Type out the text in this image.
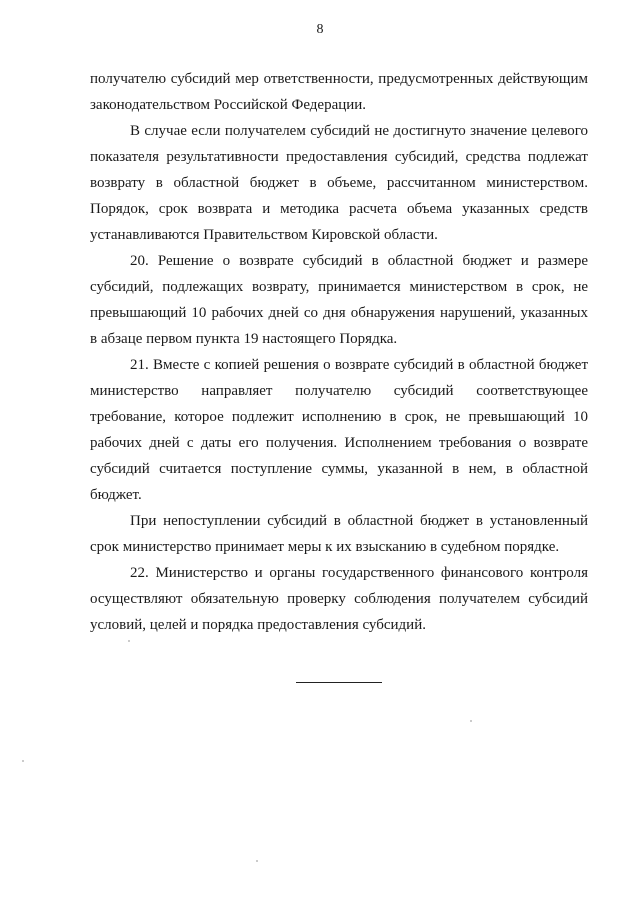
8

получателю субсидий мер ответственности, предусмотренных действующим законодательством Российской Федерации.

В случае если получателем субсидий не достигнуто значение целевого показателя результативности предоставления субсидий, средства подлежат возврату в областной бюджет в объеме, рассчитанном министерством. Порядок, срок возврата и методика расчета объема указанных средств устанавливаются Правительством Кировской области.

20. Решение о возврате субсидий в областной бюджет и размере субсидий, подлежащих возврату, принимается министерством в срок, не превышающий 10 рабочих дней со дня обнаружения нарушений, указанных в абзаце первом пункта 19 настоящего Порядка.

21. Вместе с копией решения о возврате субсидий в областной бюджет министерство направляет получателю субсидий соответствующее требование, которое подлежит исполнению в срок, не превышающий 10 рабочих дней с даты его получения. Исполнением требования о возврате субсидий считается поступление суммы, указанной в нем, в областной бюджет.

При непоступлении субсидий в областной бюджет в установленный срок министерство принимает меры к их взысканию в судебном порядке.

22. Министерство и органы государственного финансового контроля осуществляют обязательную проверку соблюдения получателем субсидий условий, целей и порядка предоставления субсидий.
